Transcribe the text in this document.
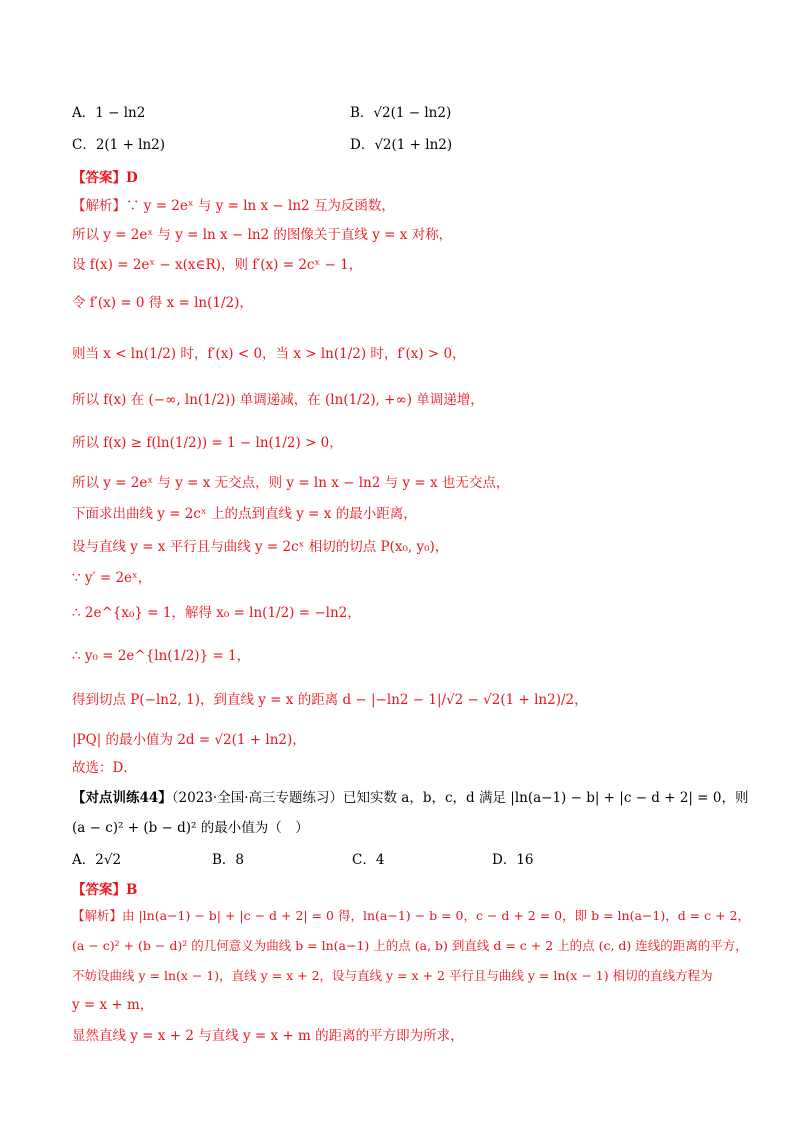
A．1 − ln2	B．√2(1 − ln2)
C．2(1 + ln2)	D．√2(1 + ln2)
【答案】D
【解析】∵ y = 2eˣ 与 y = ln x − ln2 互为反函数，
所以 y = 2eˣ 与 y = ln x − ln2 的图像关于直线 y = x 对称，
设 f(x) = 2eˣ − x(x∈R)，则 f′(x) = 2cˣ − 1，
令 f′(x) = 0 得 x = ln(1/2)，
则当 x < ln(1/2) 时，f′(x) < 0，当 x > ln(1/2) 时，f′(x) > 0，
所以 f(x) 在 (−∞, ln(1/2)) 单调递减，在 (ln(1/2), +∞) 单调递增，
所以 f(x) ≥ f(ln(1/2)) = 1 − ln(1/2) > 0，
所以 y = 2eˣ 与 y = x 无交点，则 y = ln x − ln2 与 y = x 也无交点，
下面求出曲线 y = 2cˣ 上的点到直线 y = x 的最小距离，
设与直线 y = x 平行且与曲线 y = 2cˣ 相切的切点 P(x₀, y₀)，
∵ y′ = 2eˣ，
∴ 2e^{x₀} = 1，解得 x₀ = ln(1/2) = −ln2，
∴ y₀ = 2e^{ln(1/2)} = 1，
得到切点 P(−ln2, 1)，到直线 y = x 的距离 d − |−ln2 − 1|/√2 − √2(1 + ln2)/2，
|PQ| 的最小值为 2d = √2(1 + ln2)，
故选：D．
【对点训练44】（2023·全国·高三专题练习）已知实数 a，b，c，d 满足 |ln(a−1) − b| + |c − d + 2| = 0，则
(a − c)² + (b − d)² 的最小值为（　）
A．2√2	B．8	C．4	D．16
【答案】B
【解析】由 |ln(a−1) − b| + |c − d + 2| = 0 得，ln(a−1) − b = 0，c − d + 2 = 0，即 b = ln(a−1)，d = c + 2，
(a − c)² + (b − d)² 的几何意义为曲线 b = ln(a−1) 上的点 (a, b) 到直线 d = c + 2 上的点 (c, d) 连线的距离的平方，
不妨设曲线 y = ln(x − 1)，直线 y = x + 2，设与直线 y = x + 2 平行且与曲线 y = ln(x − 1) 相切的直线方程为
y = x + m，
显然直线 y = x + 2 与直线 y = x + m 的距离的平方即为所求，
